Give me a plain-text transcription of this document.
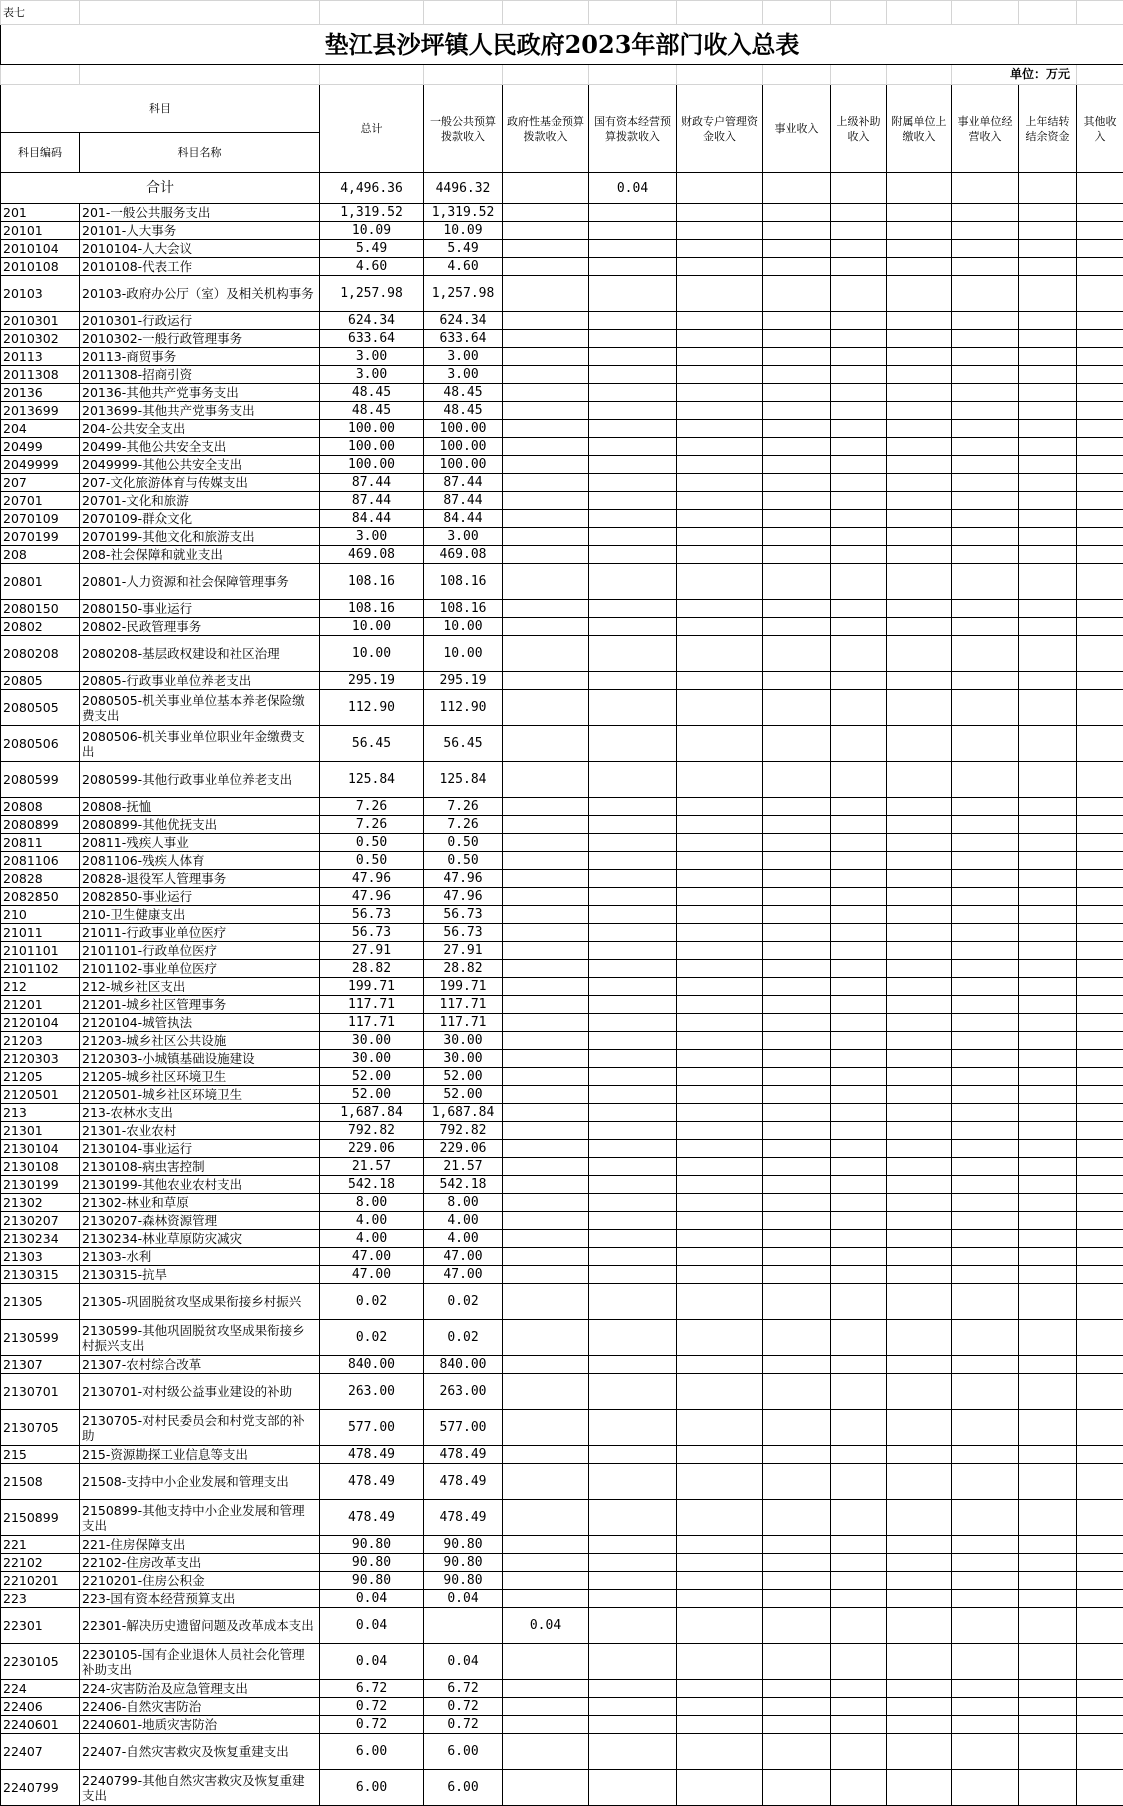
表七												
垫江县沙坪镇人民政府2023年部门收入总表												
										单位：万元		
科目		总计	一般公共预算拨款收入	政府性基金预算拨款收入	国有资本经营预算拨款收入	财政专户管理资金收入	事业收入	上级补助收入	附属单位上缴收入	事业单位经营收入	上年结转结余资金	其他收入
科目编码	科目名称											
合计		4,496.36	4496.32		0.04							
201	201-一般公共服务支出	1,319.52	1,319.52									
20101	20101-人大事务	10.09	10.09									
2010104	2010104-人大会议	5.49	5.49									
2010108	2010108-代表工作	4.60	4.60									
20103	20103-政府办公厅（室）及相关机构事务	1,257.98	1,257.98									
2010301	2010301-行政运行	624.34	624.34									
2010302	2010302-一般行政管理事务	633.64	633.64									
20113	20113-商贸事务	3.00	3.00									
2011308	2011308-招商引资	3.00	3.00									
20136	20136-其他共产党事务支出	48.45	48.45									
2013699	2013699-其他共产党事务支出	48.45	48.45									
204	204-公共安全支出	100.00	100.00									
20499	20499-其他公共安全支出	100.00	100.00									
2049999	2049999-其他公共安全支出	100.00	100.00									
207	207-文化旅游体育与传媒支出	87.44	87.44									
20701	20701-文化和旅游	87.44	87.44									
2070109	2070109-群众文化	84.44	84.44									
2070199	2070199-其他文化和旅游支出	3.00	3.00									
208	208-社会保障和就业支出	469.08	469.08									
20801	20801-人力资源和社会保障管理事务	108.16	108.16									
2080150	2080150-事业运行	108.16	108.16									
20802	20802-民政管理事务	10.00	10.00									
2080208	2080208-基层政权建设和社区治理	10.00	10.00									
20805	20805-行政事业单位养老支出	295.19	295.19									
2080505	2080505-机关事业单位基本养老保险缴费支出	112.90	112.90									
2080506	2080506-机关事业单位职业年金缴费支出	56.45	56.45									
2080599	2080599-其他行政事业单位养老支出	125.84	125.84									
20808	20808-抚恤	7.26	7.26									
2080899	2080899-其他优抚支出	7.26	7.26									
20811	20811-残疾人事业	0.50	0.50									
2081106	2081106-残疾人体育	0.50	0.50									
20828	20828-退役军人管理事务	47.96	47.96									
2082850	2082850-事业运行	47.96	47.96									
210	210-卫生健康支出	56.73	56.73									
21011	21011-行政事业单位医疗	56.73	56.73									
2101101	2101101-行政单位医疗	27.91	27.91									
2101102	2101102-事业单位医疗	28.82	28.82									
212	212-城乡社区支出	199.71	199.71									
21201	21201-城乡社区管理事务	117.71	117.71									
2120104	2120104-城管执法	117.71	117.71									
21203	21203-城乡社区公共设施	30.00	30.00									
2120303	2120303-小城镇基础设施建设	30.00	30.00									
21205	21205-城乡社区环境卫生	52.00	52.00									
2120501	2120501-城乡社区环境卫生	52.00	52.00									
213	213-农林水支出	1,687.84	1,687.84									
21301	21301-农业农村	792.82	792.82									
2130104	2130104-事业运行	229.06	229.06									
2130108	2130108-病虫害控制	21.57	21.57									
2130199	2130199-其他农业农村支出	542.18	542.18									
21302	21302-林业和草原	8.00	8.00									
2130207	2130207-森林资源管理	4.00	4.00									
2130234	2130234-林业草原防灾减灾	4.00	4.00									
21303	21303-水利	47.00	47.00									
2130315	2130315-抗旱	47.00	47.00									
21305	21305-巩固脱贫攻坚成果衔接乡村振兴	0.02	0.02									
2130599	2130599-其他巩固脱贫攻坚成果衔接乡村振兴支出	0.02	0.02									
21307	21307-农村综合改革	840.00	840.00									
2130701	2130701-对村级公益事业建设的补助	263.00	263.00									
2130705	2130705-对村民委员会和村党支部的补助	577.00	577.00									
215	215-资源勘探工业信息等支出	478.49	478.49									
21508	21508-支持中小企业发展和管理支出	478.49	478.49									
2150899	2150899-其他支持中小企业发展和管理支出	478.49	478.49									
221	221-住房保障支出	90.80	90.80									
22102	22102-住房改革支出	90.80	90.80									
2210201	2210201-住房公积金	90.80	90.80									
223	223-国有资本经营预算支出	0.04	0.04									
22301	22301-解决历史遗留问题及改革成本支出	0.04		0.04								
2230105	2230105-国有企业退休人员社会化管理补助支出	0.04	0.04									
224	224-灾害防治及应急管理支出	6.72	6.72									
22406	22406-自然灾害防治	0.72	0.72									
2240601	2240601-地质灾害防治	0.72	0.72									
22407	22407-自然灾害救灾及恢复重建支出	6.00	6.00									
2240799	2240799-其他自然灾害救灾及恢复重建支出	6.00	6.00									
